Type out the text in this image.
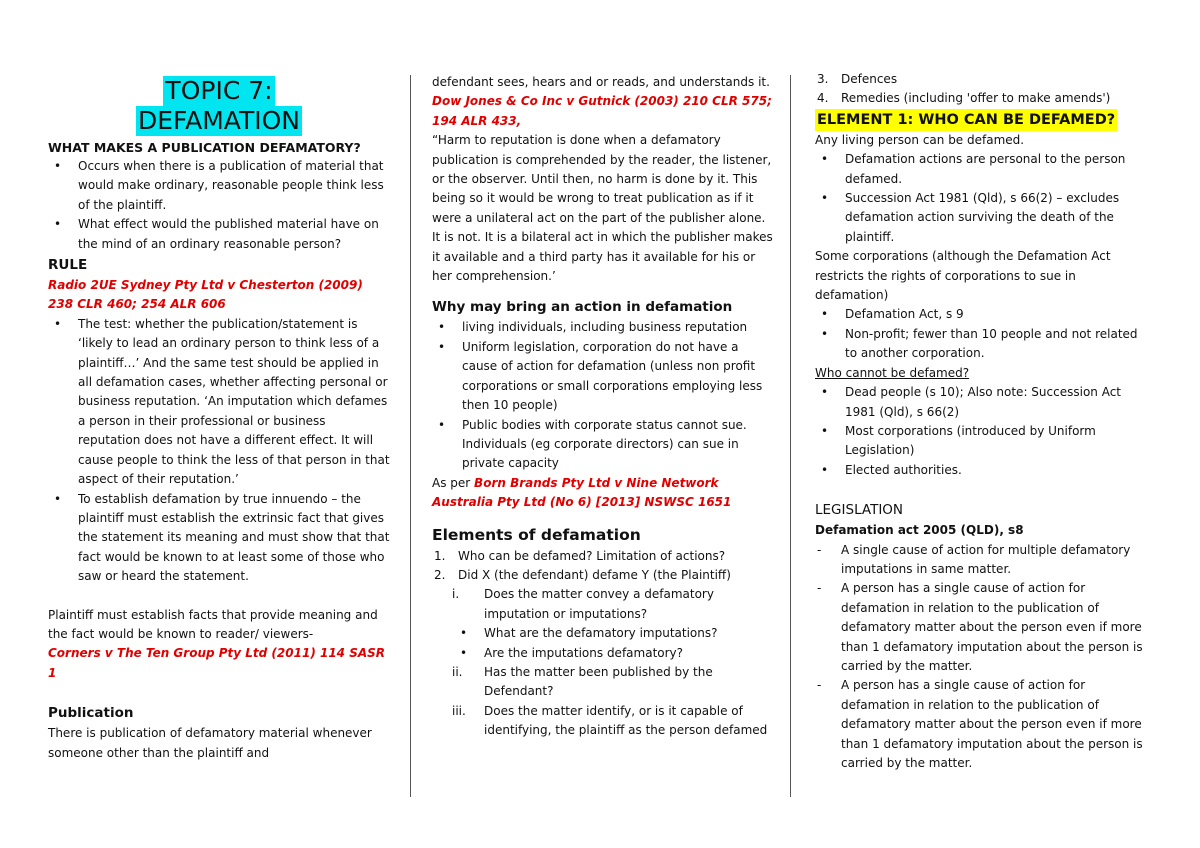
TOPIC 7:
DEFAMATION
WHAT MAKES A PUBLICATION DEFAMATORY?
• Occurs when there is a publication of material that would make ordinary, reasonable people think less of the plaintiff.
• What effect would the published material have on the mind of an ordinary reasonable person?
RULE

Radio 2UE Sydney Pty Ltd v Chesterton (2009) 238 CLR 460; 254 ALR 606

• The test: whether the publication/statement is ‘likely to lead an ordinary person to think less of a plaintiff…’ And the same test should be applied in all defamation cases, whether affecting personal or business reputation. ‘An imputation which defames a person in their professional or business reputation does not have a different effect. It will cause people to think the less of that person in that aspect of their reputation.’
• To establish defamation by true innuendo – the plaintiff must establish the extrinsic fact that gives the statement its meaning and must show that that fact would be known to at least some of those who saw or heard the statement.

Plaintiff must establish facts that provide meaning and the fact would be known to reader/ viewers-
Corners v The Ten Group Pty Ltd (2011) 114 SASR 1

Publication

There is publication of defamatory material whenever someone other than the plaintiff and

defendant sees, hears and or reads, and understands it.

Dow Jones & Co Inc v Gutnick (2003) 210 CLR 575; 194 ALR 433,

“Harm to reputation is done when a defamatory publication is comprehended by the reader, the listener, or the observer. Until then, no harm is done by it. This being so it would be wrong to treat publication as if it were a unilateral act on the part of the publisher alone. It is not. It is a bilateral act in which the publisher makes it available and a third party has it available for his or her comprehension.’

Why may bring an action in defamation
• living individuals, including business reputation
• Uniform legislation, corporation do not have a cause of action for defamation (unless non profit corporations or small corporations employing less then 10 people)
• Public bodies with corporate status cannot sue. Individuals (eg corporate directors) can sue in private capacity

As per Born Brands Pty Ltd v Nine Network Australia Pty Ltd (No 6) [2013] NSWSC 1651

Elements of defamation
1. Who can be defamed? Limitation of actions?
2. Did X (the defendant) defame Y (the Plaintiff)
i. Does the matter convey a defamatory imputation or imputations?
• What are the defamatory imputations?
• Are the imputations defamatory?
ii. Has the matter been published by the Defendant?
iii. Does the matter identify, or is it capable of identifying, the plaintiff as the person defamed
3. Defences
4. Remedies (including 'offer to make amends')
ELEMENT 1: WHO CAN BE DEFAMED?

Any living person can be defamed.

• Defamation actions are personal to the person defamed.
• Succession Act 1981 (Qld), s 66(2) – excludes defamation action surviving the death of the plaintiff.

Some corporations (although the Defamation Act restricts the rights of corporations to sue in defamation)

• Defamation Act, s 9
• Non-profit; fewer than 10 people and not related to another corporation.

Who cannot be defamed?

• Dead people (s 10); Also note: Succession Act 1981 (Qld), s 66(2)
• Most corporations (introduced by Uniform Legislation)
• Elected authorities.
LEGISLATION

Defamation act 2005 (QLD), s8

- A single cause of action for multiple defamatory imputations in same matter.
- A person has a single cause of action for defamation in relation to the publication of defamatory matter about the person even if more than 1 defamatory imputation about the person is carried by the matter.
- A person has a single cause of action for defamation in relation to the publication of defamatory matter about the person even if more than 1 defamatory imputation about the person is carried by the matter.
